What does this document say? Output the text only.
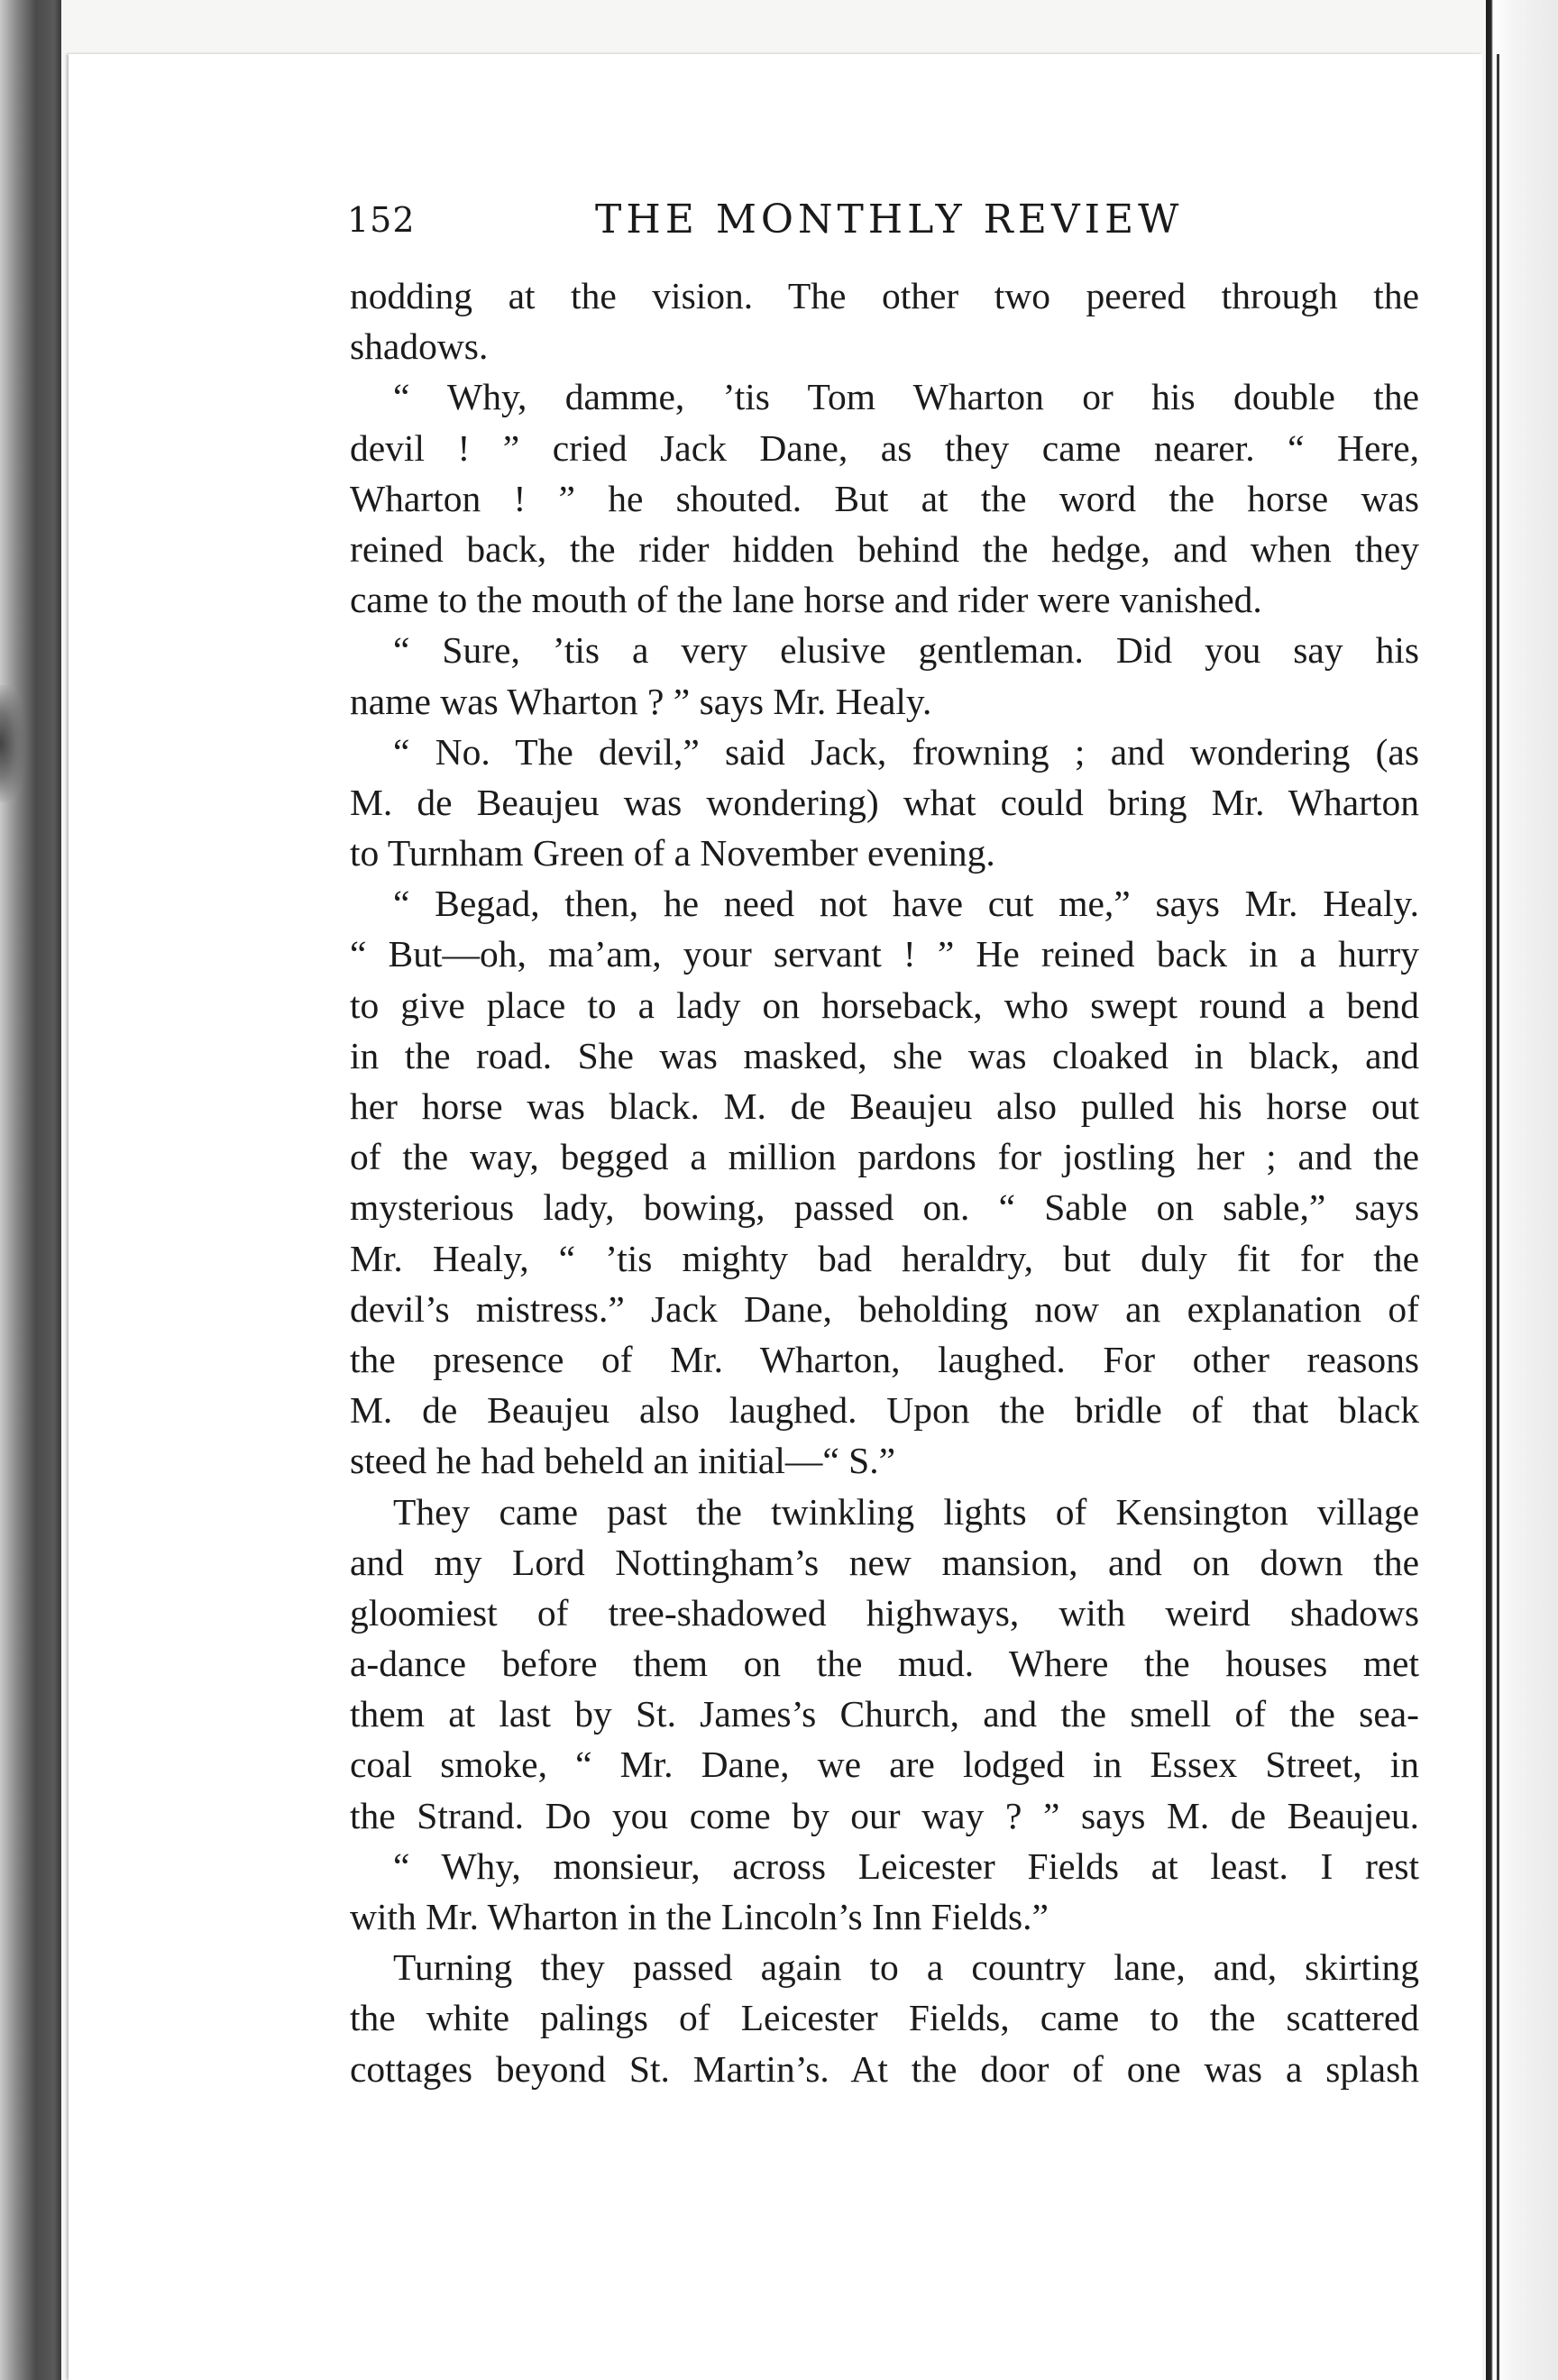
152	THE MONTHLY REVIEW
nodding at the vision. The other two peered through the
shadows.
“ Why, damme, ’tis Tom Wharton or his double the
devil ! ” cried Jack Dane, as they came nearer. “ Here,
Wharton ! ” he shouted. But at the word the horse was
reined back, the rider hidden behind the hedge, and when they
came to the mouth of the lane horse and rider were vanished.
“ Sure, ’tis a very elusive gentleman. Did you say his
name was Wharton ? ” says Mr. Healy.
“ No. The devil,” said Jack, frowning ; and wondering (as
M. de Beaujeu was wondering) what could bring Mr. Wharton
to Turnham Green of a November evening.
“ Begad, then, he need not have cut me,” says Mr. Healy.
“ But—oh, ma’am, your servant ! ” He reined back in a hurry
to give place to a lady on horseback, who swept round a bend
in the road. She was masked, she was cloaked in black, and
her horse was black. M. de Beaujeu also pulled his horse out
of the way, begged a million pardons for jostling her ; and the
mysterious lady, bowing, passed on. “ Sable on sable,” says
Mr. Healy, “ ’tis mighty bad heraldry, but duly fit for the
devil’s mistress.” Jack Dane, beholding now an explanation of
the presence of Mr. Wharton, laughed. For other reasons
M. de Beaujeu also laughed. Upon the bridle of that black
steed he had beheld an initial—“ S.”
They came past the twinkling lights of Kensington village
and my Lord Nottingham’s new mansion, and on down the
gloomiest of tree-shadowed highways, with weird shadows
a-dance before them on the mud. Where the houses met
them at last by St. James’s Church, and the smell of the sea-
coal smoke, “ Mr. Dane, we are lodged in Essex Street, in
the Strand. Do you come by our way ? ” says M. de Beaujeu.
“ Why, monsieur, across Leicester Fields at least. I rest
with Mr. Wharton in the Lincoln’s Inn Fields.”
Turning they passed again to a country lane, and, skirting
the white palings of Leicester Fields, came to the scattered
cottages beyond St. Martin’s. At the door of one was a splash
